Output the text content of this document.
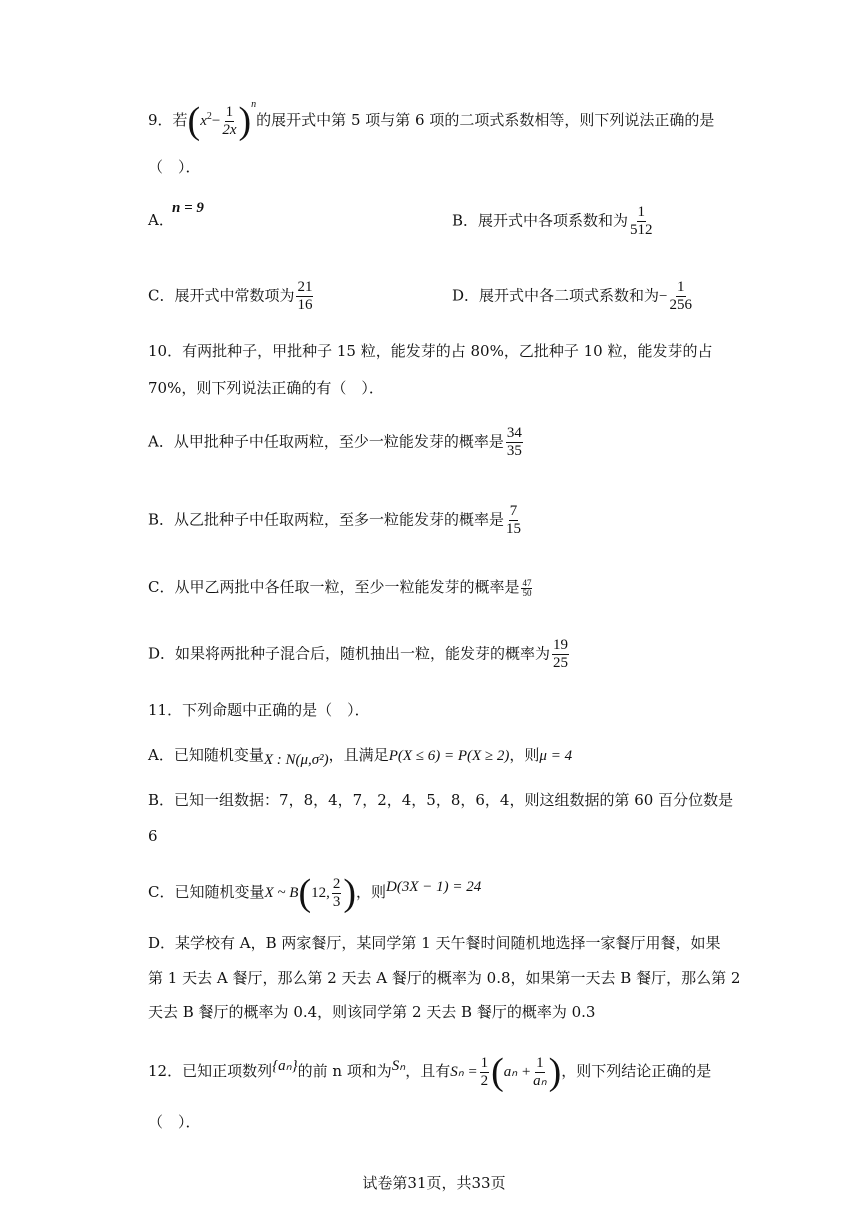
9．若$(x^2- \frac{1}{2x} )^n$的展开式中第 5 项与第 6 项的二项式系数相等，则下列说法正确的是
（　）．
A．
n = 9
B．展开式中各项系数和为 $\frac{1}{512}$
C．展开式中常数项为 $\frac{21}{16}$	D．展开式中各二项式系数和为− $\frac{1}{256}$
10．有两批种子，甲批种子 15 粒，能发芽的占 80%，乙批种子 10 粒，能发芽的占
70%，则下列说法正确的有（　）．
A．从甲批种子中任取两粒，至少一粒能发芽的概率是 $\frac{34}{35}$
B．从乙批种子中任取两粒，至多一粒能发芽的概率是 $\frac{7}{15}$
C．从甲乙两批中各任取一粒，至少一粒能发芽的概率是 $\frac{47}{50}$
D．如果将两批种子混合后，随机抽出一粒，能发芽的概率为 $\frac{19}{25}$
11．下列命题中正确的是（　）．
A．已知随机变量X : N(μ,σ²)，且满足P(X ≤ 6) = P(X ≥ 2)，则μ = 4
B．已知一组数据：7，8，4，7，2，4，5，8，6，4，则这组数据的第 60 百分位数是
6
C．已知随机变量X ~ B(12, $\frac{2}{3}$ )，则D(3X − 1) = 24
D．某学校有 A，B 两家餐厅，某同学第 1 天午餐时间随机地选择一家餐厅用餐，如果
第 1 天去 A 餐厅，那么第 2 天去 A 餐厅的概率为 0.8，如果第一天去 B 餐厅，那么第 2
天去 B 餐厅的概率为 0.4，则该同学第 2 天去 B 餐厅的概率为 0.3
12．已知正项数列{aₙ}的前 n 项和为Sₙ，且有$S_n = \frac{1}{2} (a_n + \frac{1}{\text{aₙ}}$ )，则下列结论正确的是
（　）．
试卷第31页，共33页
